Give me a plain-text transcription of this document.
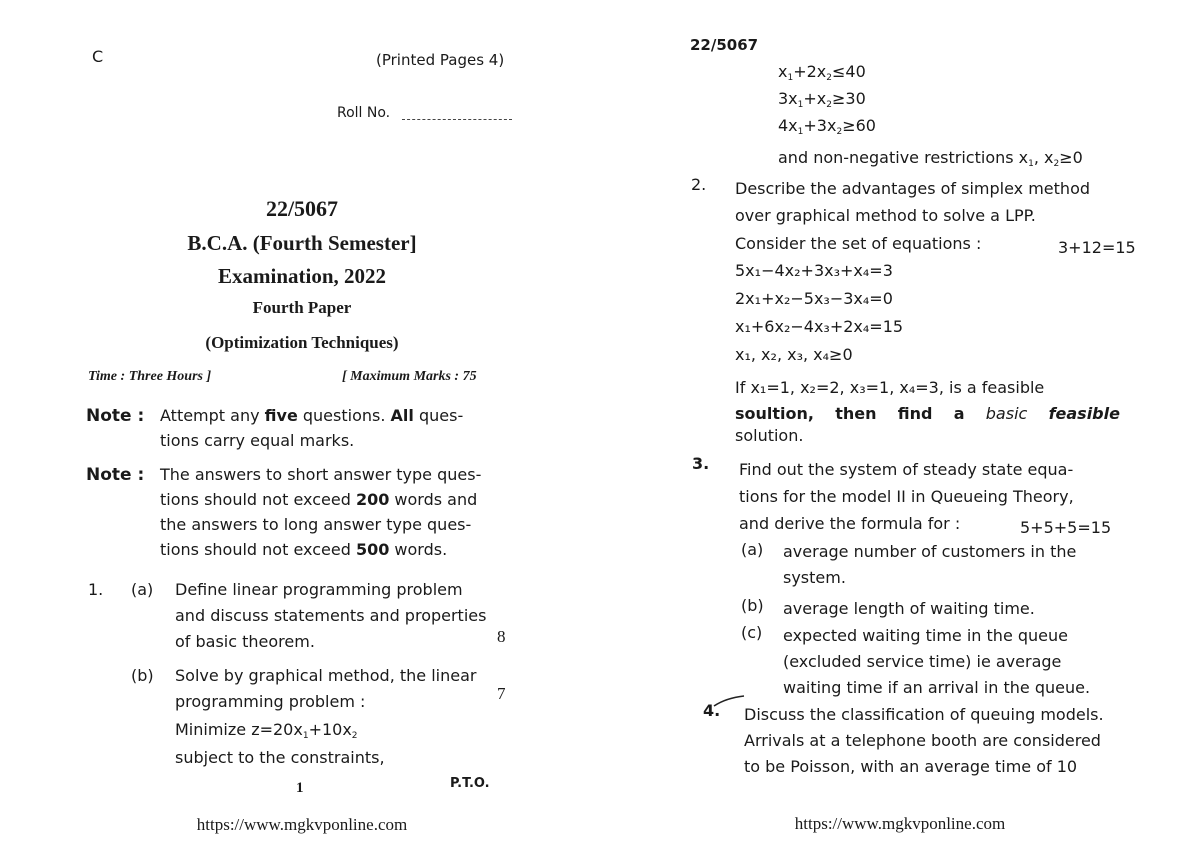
C	(Printed Pages 4)
Roll No.
22/5067
B.C.A. (Fourth Semester]
Examination, 2022
Fourth Paper
(Optimization Techniques)
Time : Three Hours ]	[ Maximum Marks : 75
Note : Attempt any five questions. All ques-
tions carry equal marks.
Note : The answers to short answer type ques-
tions should not exceed 200 words and
the answers to long answer type ques-
tions should not exceed 500 words.
1. (a) Define linear programming problem
and discuss statements and properties
of basic theorem.	8
(b) Solve by graphical method, the linear
programming problem :	7
Minimize $z=20x_1+10x_2$
subject to the constraints,
1	P.T.O.
https://www.mgkvponline.com
22/5067
$x_1+2x_2\le 40$
$3x_1+x_2\ge 30$
$4x_1+3x_2\ge 60$
and non-negative restrictions $x_1$, $x_2\ge 0$
2. Describe the advantages of simplex method
over graphical method to solve a LPP.
Consider the set of equations :	3+12=15
5x₁−4x₂+3x₃+x₄=3
2x₁+x₂−5x₃−3x₄=0
x₁+6x₂−4x₃+2x₄=15
x₁, x₂, x₃, x₄≥0
If x₁=1, x₂=2, x₃=1, x₄=3, is a feasible
soultion, then find a basic feasible
solution.
3. Find out the system of steady state equa-
tions for the model II in Queueing Theory,
and derive the formula for :	5+5+5=15
(a) average number of customers in the
system.
(b) average length of waiting time.
(c) expected waiting time in the queue
(excluded service time) ie average
waiting time if an arrival in the queue.
4. Discuss the classification of queuing models.
Arrivals at a telephone booth are considered
to be Poisson, with an average time of 10
https://www.mgkvponline.com
